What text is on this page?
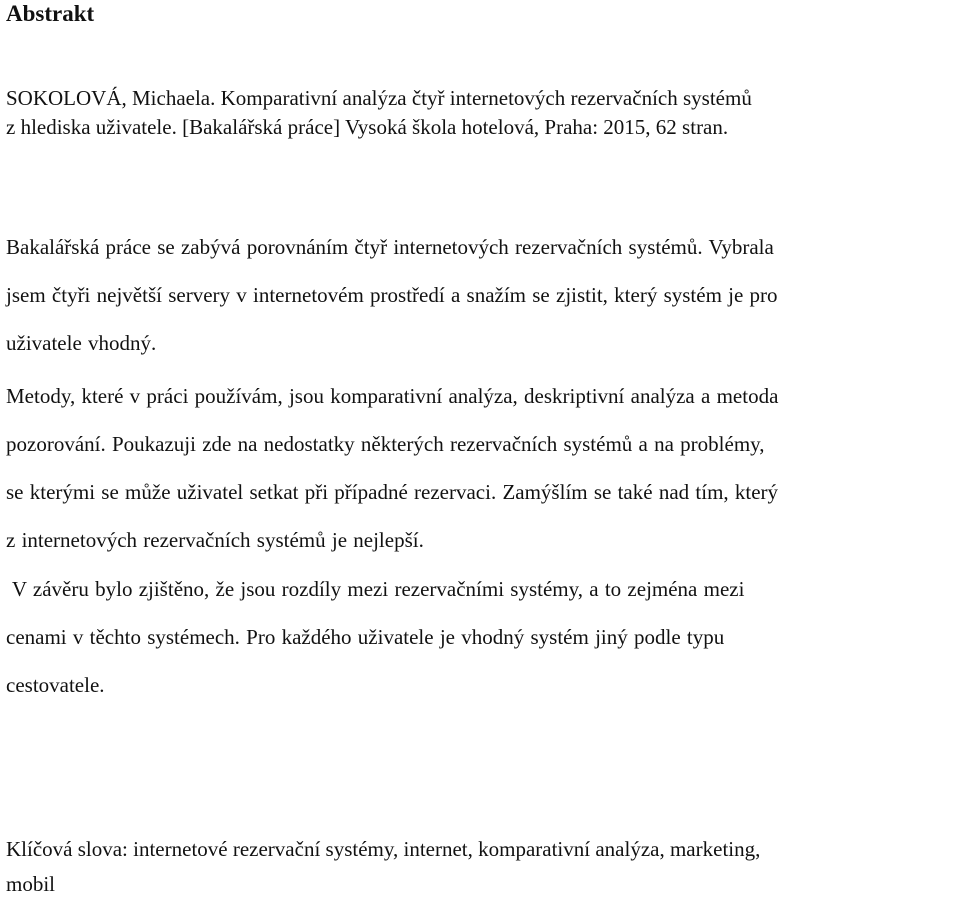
Abstrakt
SOKOLOVÁ, Michaela. Komparativní analýza čtyř internetových rezervačních systémů
z hlediska uživatele. [Bakalářská práce] Vysoká škola hotelová, Praha: 2015, 62 stran.
Bakalářská práce se zabývá porovnáním čtyř internetových rezervačních systémů. Vybrala
jsem čtyři největší servery v internetovém prostředí a snažím se zjistit, který systém je pro
uživatele vhodný.
Metody, které v práci používám, jsou komparativní analýza, deskriptivní analýza a metoda
pozorování. Poukazuji zde na nedostatky některých rezervačních systémů a na problémy,
se kterými se může uživatel setkat při případné rezervaci. Zamýšlím se také nad tím, který
z internetových rezervačních systémů je nejlepší.
V závěru bylo zjištěno, že jsou rozdíly mezi rezervačními systémy, a to zejména mezi
cenami v těchto systémech. Pro každého uživatele je vhodný systém jiný podle typu
cestovatele.
Klíčová slova: internetové rezervační systémy, internet, komparativní analýza, marketing,
mobil
